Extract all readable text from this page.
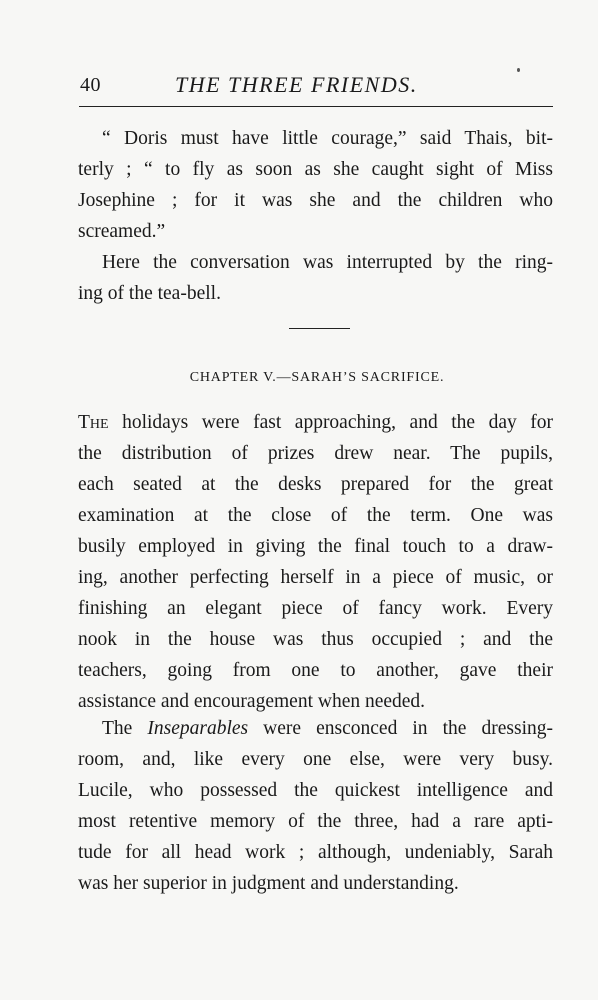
40	THE THREE FRIENDS.
“ Doris must have little courage,” said Thais, bit-
terly ; “ to fly as soon as she caught sight of Miss
Josephine ; for it was she and the children who
screamed.”
Here the conversation was interrupted by the ring-
ing of the tea-bell.
CHAPTER V.—SARAH’S SACRIFICE.
The holidays were fast approaching, and the day for
the distribution of prizes drew near. The pupils,
each seated at the desks prepared for the great
examination at the close of the term. One was
busily employed in giving the final touch to a draw-
ing, another perfecting herself in a piece of music, or
finishing an elegant piece of fancy work. Every
nook in the house was thus occupied ; and the
teachers, going from one to another, gave their
assistance and encouragement when needed.
The Inseparables were ensconced in the dressing-
room, and, like every one else, were very busy.
Lucile, who possessed the quickest intelligence and
most retentive memory of the three, had a rare apti-
tude for all head work ; although, undeniably, Sarah
was her superior in judgment and understanding.
